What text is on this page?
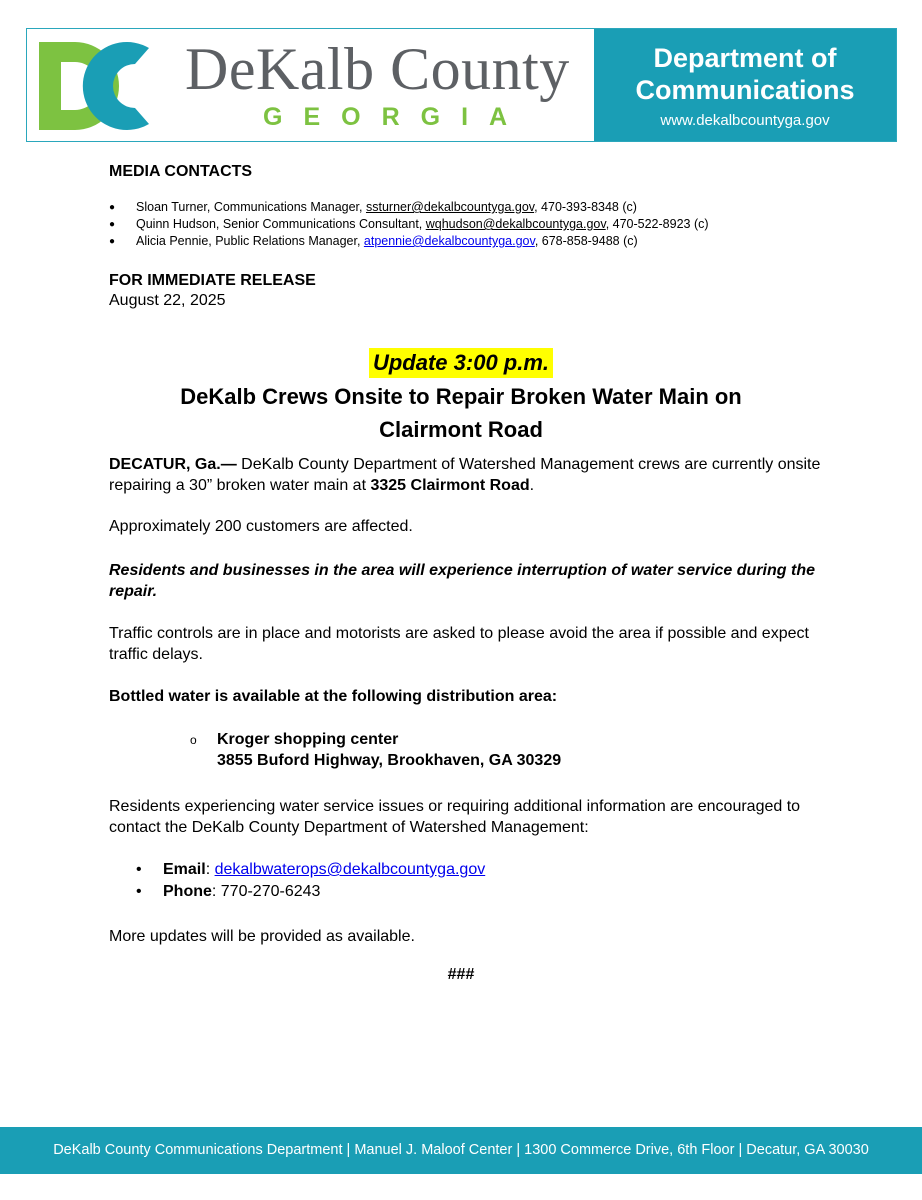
DeKalb County
GEORGIA
Department of
Communications
www.dekalbcountyga.gov
MEDIA CONTACTS
● Sloan Turner, Communications Manager, ssturner@dekalbcountyga.gov, 470-393-8348 (c)
● Quinn Hudson, Senior Communications Consultant, wqhudson@dekalbcountyga.gov, 470-522-8923 (c)
● Alicia Pennie, Public Relations Manager, atpennie@dekalbcountyga.gov, 678-858-9488 (c)
FOR IMMEDIATE RELEASE
August 22, 2025
Update 3:00 p.m.
DeKalb Crews Onsite to Repair Broken Water Main on
Clairmont Road
DECATUR, Ga.— DeKalb County Department of Watershed Management crews are currently onsite repairing a 30” broken water main at 3325 Clairmont Road.
Approximately 200 customers are affected.
Residents and businesses in the area will experience interruption of water service during the repair.
Traffic controls are in place and motorists are asked to please avoid the area if possible and expect traffic delays.
Bottled water is available at the following distribution area:
o	Kroger shopping center
3855 Buford Highway, Brookhaven, GA 30329
Residents experiencing water service issues or requiring additional information are encouraged to contact the DeKalb County Department of Watershed Management:
• Email: dekalbwaterops@dekalbcountyga.gov
• Phone: 770-270-6243
More updates will be provided as available.
###
DeKalb County Communications Department | Manuel J. Maloof Center | 1300 Commerce Drive, 6th Floor | Decatur, GA 30030
